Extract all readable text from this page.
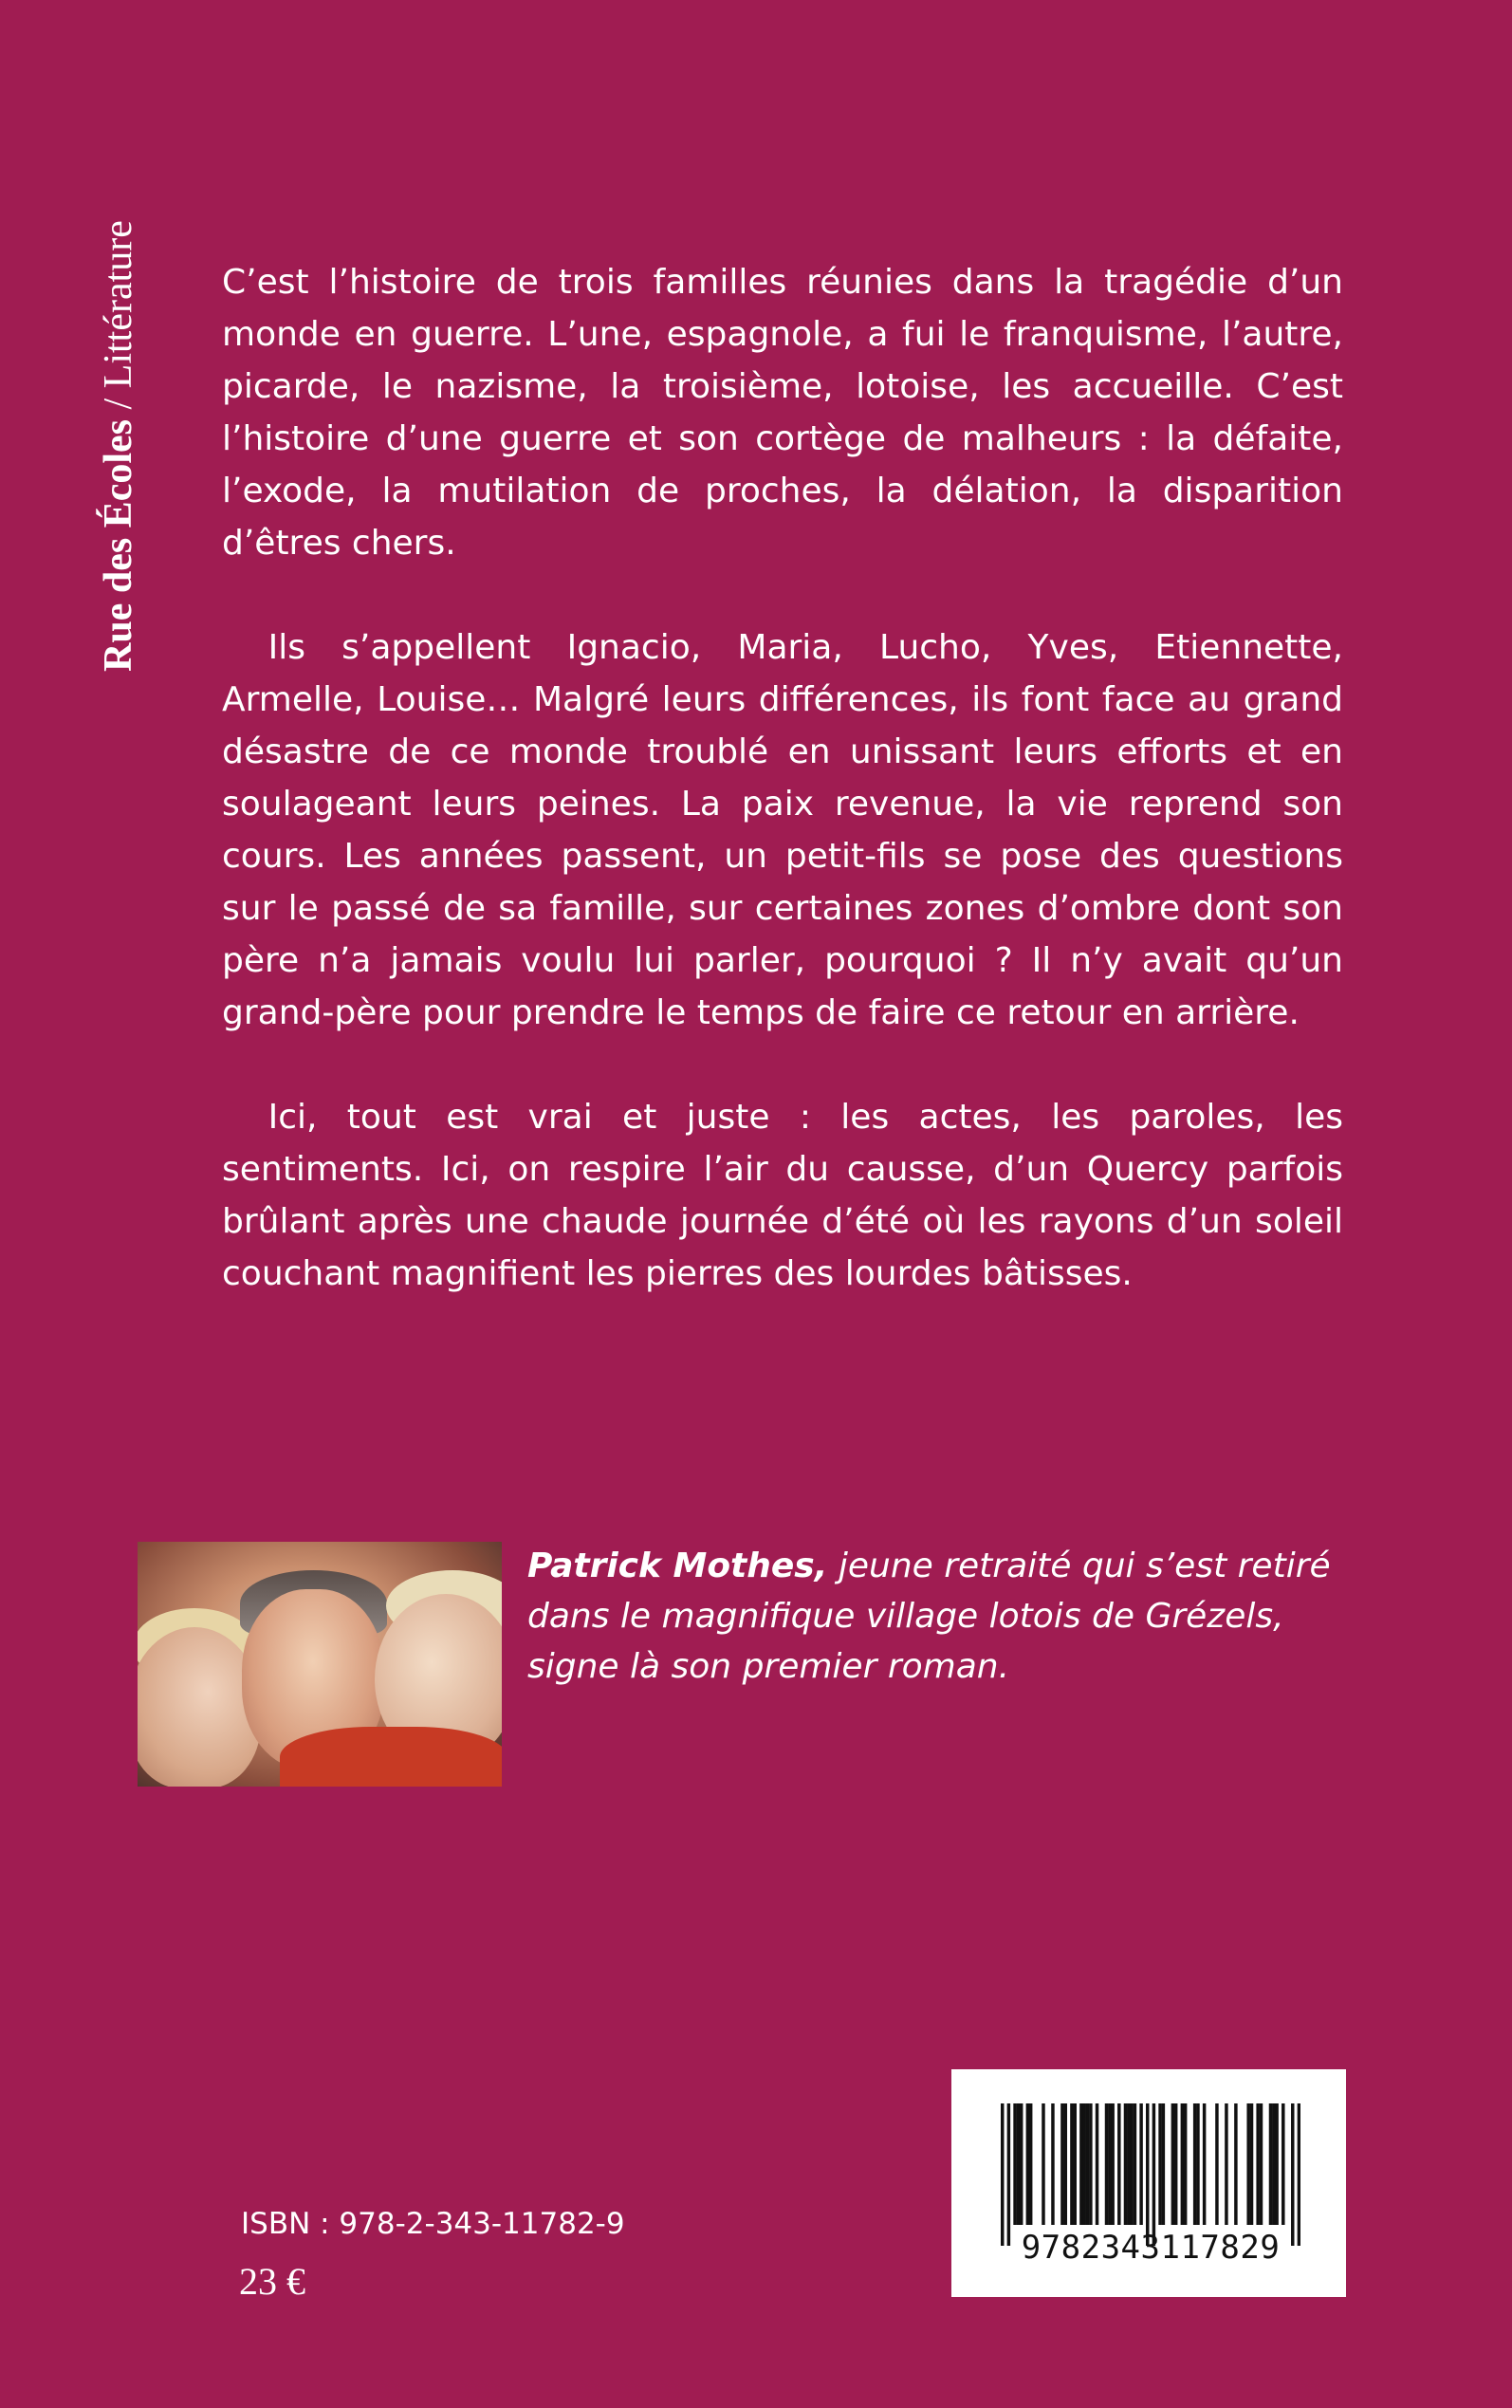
Rue des Écoles / Littérature C’est l’histoire de trois familles réunies dans la tragédie d’un monde en guerre. L’une, espagnole, a fui le franquisme, l’autre, picarde, le nazisme, la troisième, lotoise, les accueille. C’est l’histoire d’une guerre et son cortège de malheurs : la défaite, l’exode, la mutilation de proches, la délation, la disparition d’êtres chers.

Ils s’appellent Ignacio, Maria, Lucho, Yves, Etiennette, Armelle, Louise… Malgré leurs différences, ils font face au grand désastre de ce monde troublé en unissant leurs efforts et en soulageant leurs peines. La paix revenue, la vie reprend son cours. Les années passent, un petit-fils se pose des questions sur le passé de sa famille, sur certaines zones d’ombre dont son père n’a jamais voulu lui parler, pourquoi ? Il n’y avait qu’un grand-père pour prendre le temps de faire ce retour en arrière.

Ici, tout est vrai et juste : les actes, les paroles, les sentiments. Ici, on respire l’air du causse, d’un Quercy parfois brûlant après une chaude journée d’été où les rayons d’un soleil couchant magnifient les pierres des lourdes bâtisses.

Patrick Mothes, jeune retraité qui s’est retiré dans le magnifique village lotois de Grézels, signe là son premier roman.
ISBN : 978-2-343-11782-9
23 €
9782343117829
